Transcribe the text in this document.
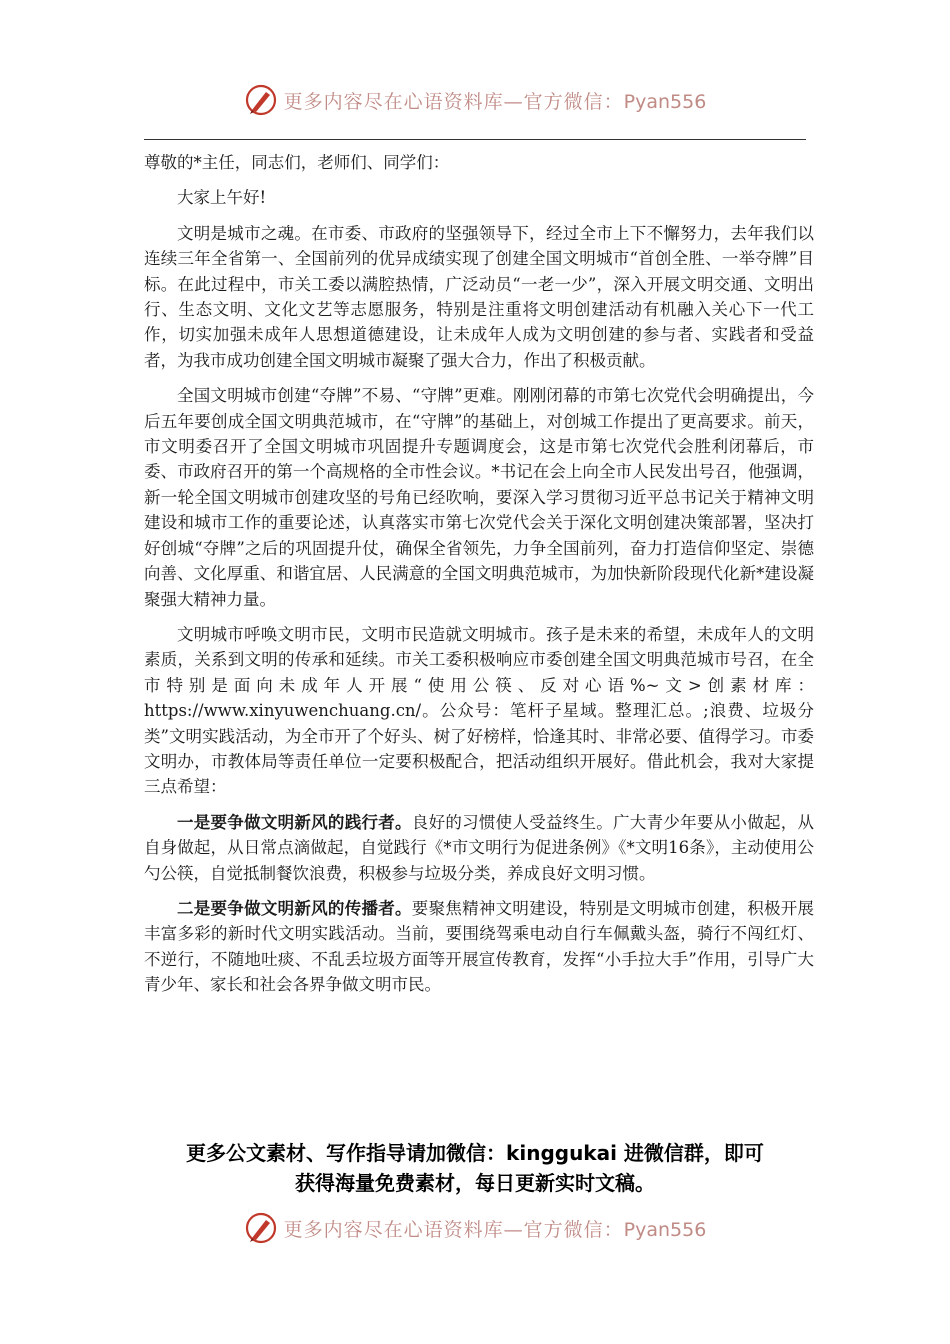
更多内容尽在心语资料库—官方微信：Pyan556

尊敬的*主任，同志们，老师们、同学们：

大家上午好!

文明是城市之魂。在市委、市政府的坚强领导下，经过全市上下不懈努力，去年我们以连续三年全省第一、全国前列的优异成绩实现了创建全国文明城市“首创全胜、一举夺牌”目标。在此过程中，市关工委以满腔热情，广泛动员“一老一少”，深入开展文明交通、文明出行、生态文明、文化文艺等志愿服务，特别是注重将文明创建活动有机融入关心下一代工作，切实加强未成年人思想道德建设，让未成年人成为文明创建的参与者、实践者和受益者，为我市成功创建全国文明城市凝聚了强大合力，作出了积极贡献。

全国文明城市创建“夺牌”不易、“守牌”更难。刚刚闭幕的市第七次党代会明确提出，今后五年要创成全国文明典范城市，在“守牌”的基础上，对创城工作提出了更高要求。前天，市文明委召开了全国文明城市巩固提升专题调度会，这是市第七次党代会胜利闭幕后，市委、市政府召开的第一个高规格的全市性会议。*书记在会上向全市人民发出号召，他强调，新一轮全国文明城市创建攻坚的号角已经吹响，要深入学习贯彻习近平总书记关于精神文明建设和城市工作的重要论述，认真落实市第七次党代会关于深化文明创建决策部署，坚决打好创城“夺牌”之后的巩固提升仗，确保全省领先，力争全国前列，奋力打造信仰坚定、崇德向善、文化厚重、和谐宜居、人民满意的全国文明典范城市，为加快新阶段现代化新*建设凝聚强大精神力量。

文明城市呼唤文明市民，文明市民造就文明城市。孩子是未来的希望，未成年人的文明素质，关系到文明的传承和延续。市关工委积极响应市委创建全国文明典范城市号召，在全市特别是面向未成年人开展“使用公筷、反对心语%~文>创素材库：https://www.xinyuwenchuang.cn/。公众号：笔杆子星域。整理汇总。;浪费、垃圾分类”文明实践活动，为全市开了个好头、树了好榜样，恰逢其时、非常必要、值得学习。市委文明办，市教体局等责任单位一定要积极配合，把活动组织开展好。借此机会，我对大家提三点希望：

一是要争做文明新风的践行者。良好的习惯使人受益终生。广大青少年要从小做起，从自身做起，从日常点滴做起，自觉践行《*市文明行为促进条例》《*文明16条》，主动使用公勺公筷，自觉抵制餐饮浪费，积极参与垃圾分类，养成良好文明习惯。

二是要争做文明新风的传播者。要聚焦精神文明建设，特别是文明城市创建，积极开展丰富多彩的新时代文明实践活动。当前，要围绕驾乘电动自行车佩戴头盔，骑行不闯红灯、不逆行，不随地吐痰、不乱丢垃圾方面等开展宣传教育，发挥“小手拉大手”作用，引导广大青少年、家长和社会各界争做文明市民。

更多公文素材、写作指导请加微信：kinggukai 进微信群，即可
获得海量免费素材，每日更新实时文稿。
更多内容尽在心语资料库—官方微信：Pyan556
